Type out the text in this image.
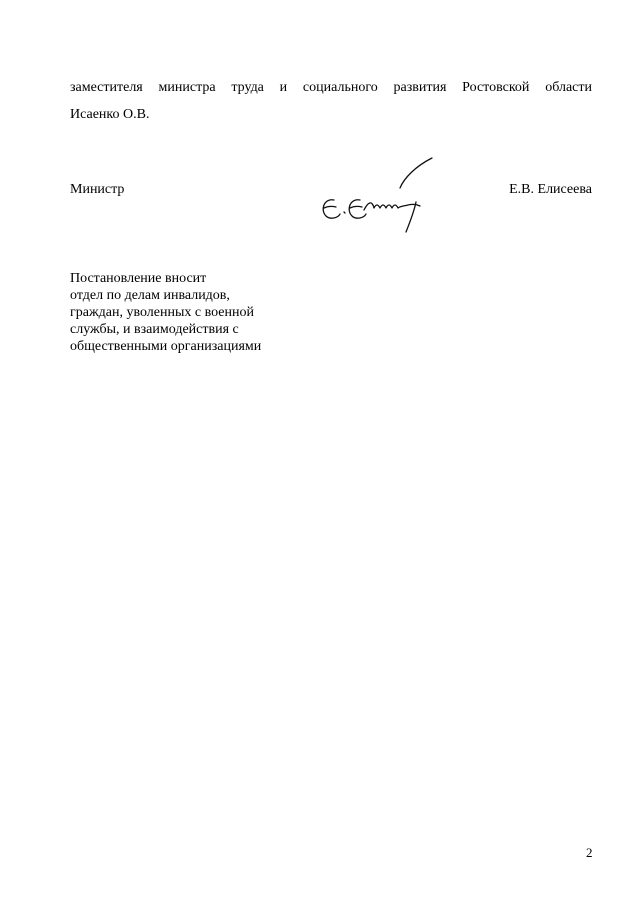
заместителя министра труда и социального развития Ростовской области
Исаенко О.В.
Министр	Е.В. Елисеева
Постановление вносит
отдел по делам инвалидов,
граждан, уволенных с военной
службы, и взаимодействия с
общественными организациями
2
